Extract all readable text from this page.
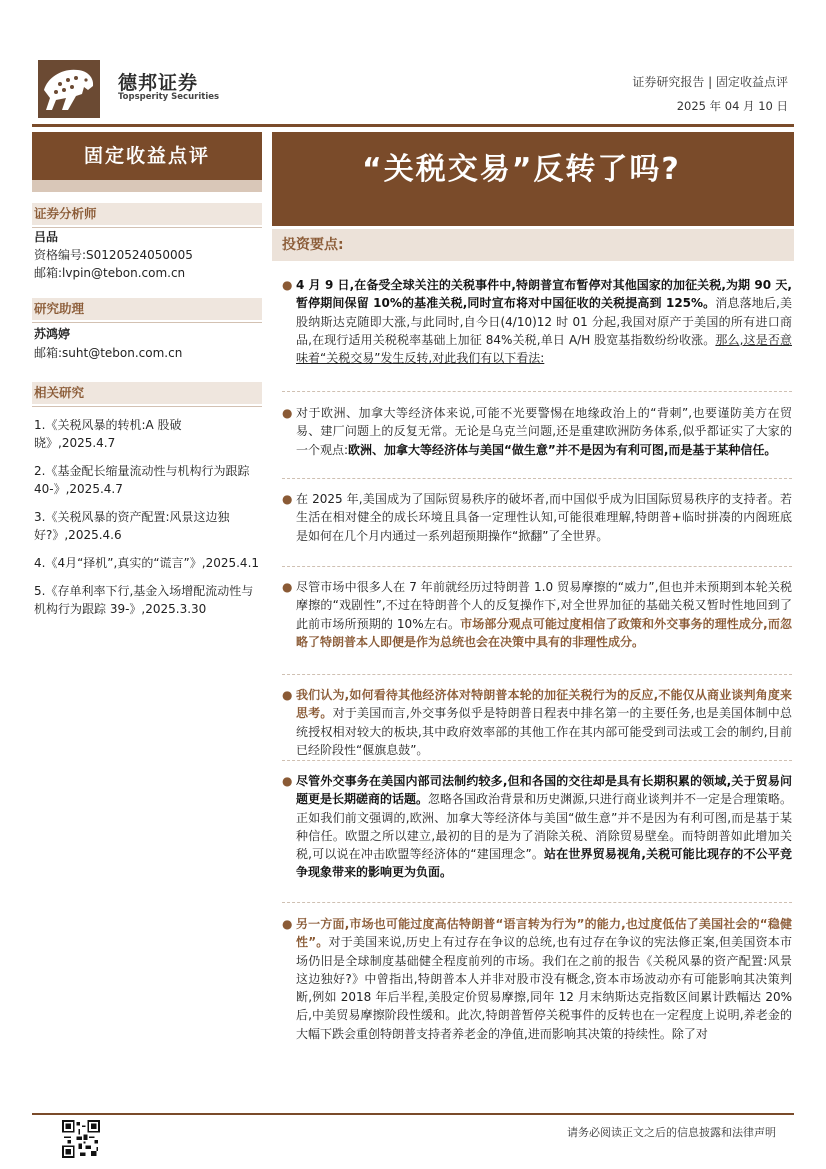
德邦证券
Topsperity Securities
证券研究报告 | 固定收益点评
2025 年 04 月 10 日
固定收益点评	“关税交易”反转了吗?
投资要点:
证券分析师
吕品
资格编号:S0120524050005
邮箱:lvpin@tebon.com.cn
研究助理
苏鸿婷
邮箱:suht@tebon.com.cn
相关研究
1.《关税风暴的转机:A 股破晓》,2025.4.7
2.《基金配长缩量流动性与机构行为跟踪 40-》,2025.4.7
3.《关税风暴的资产配置:风景这边独好?》,2025.4.6
4.《4月“择机”,真实的“谎言”》,2025.4.1
5.《存单利率下行,基金入场增配流动性与机构行为跟踪 39-》,2025.3.30
● 4 月 9 日,在备受全球关注的关税事件中,特朗普宣布暂停对其他国家的加征关税,为期 90 天,暂停期间保留 10%的基准关税,同时宣布将对中国征收的关税提高到 125%。消息落地后,美股纳斯达克随即大涨,与此同时,自今日(4/10)12 时 01 分起,我国对原产于美国的所有进口商品,在现行适用关税税率基础上加征 84%关税,单日 A/H 股宽基指数纷纷收涨。那么,这是否意味着“关税交易”发生反转,对此我们有以下看法:
● 对于欧洲、加拿大等经济体来说,可能不光要警惕在地缘政治上的“背刺”,也要谨防美方在贸易、建厂问题上的反复无常。无论是乌克兰问题,还是重建欧洲防务体系,似乎都证实了大家的一个观点:欧洲、加拿大等经济体与美国“做生意”并不是因为有利可图,而是基于某种信任。
● 在 2025 年,美国成为了国际贸易秩序的破坏者,而中国似乎成为旧国际贸易秩序的支持者。若生活在相对健全的成长环境且具备一定理性认知,可能很难理解,特朗普+临时拼凑的内阁班底是如何在几个月内通过一系列超预期操作“掀翻”了全世界。
● 尽管市场中很多人在 7 年前就经历过特朗普 1.0 贸易摩擦的“威力”,但也并未预期到本轮关税摩擦的“戏剧性”,不过在特朗普个人的反复操作下,对全世界加征的基础关税又暂时性地回到了此前市场所预期的 10%左右。市场部分观点可能过度相信了政策和外交事务的理性成分,而忽略了特朗普本人即便是作为总统也会在决策中具有的非理性成分。
● 我们认为,如何看待其他经济体对特朗普本轮的加征关税行为的反应,不能仅从商业谈判角度来思考。对于美国而言,外交事务似乎是特朗普日程表中排名第一的主要任务,也是美国体制中总统授权相对较大的板块,其中政府效率部的其他工作在其内部可能受到司法或工会的制约,目前已经阶段性“偃旗息鼓”。
● 尽管外交事务在美国内部司法制约较多,但和各国的交往却是具有长期积累的领域,关于贸易问题更是长期磋商的话题。忽略各国政治背景和历史渊源,只进行商业谈判并不一定是合理策略。正如我们前文强调的,欧洲、加拿大等经济体与美国“做生意”并不是因为有利可图,而是基于某种信任。欧盟之所以建立,最初的目的是为了消除关税、消除贸易壁垒。而特朗普如此增加关税,可以说在冲击欧盟等经济体的“建国理念”。站在世界贸易视角,关税可能比现存的不公平竞争现象带来的影响更为负面。
● 另一方面,市场也可能过度高估特朗普“语言转为行为”的能力,也过度低估了美国社会的“稳健性”。对于美国来说,历史上有过存在争议的总统,也有过存在争议的宪法修正案,但美国资本市场仍旧是全球制度基础健全程度前列的市场。我们在之前的报告《关税风暴的资产配置:风景这边独好?》中曾指出,特朗普本人并非对股市没有概念,资本市场波动亦有可能影响其决策判断,例如 2018 年后半程,美股定价贸易摩擦,同年 12 月末纳斯达克指数区间累计跌幅达 20%后,中美贸易摩擦阶段性缓和。此次,特朗普暂停关税事件的反转也在一定程度上说明,养老金的大幅下跌会重创特朗普支持者养老金的净值,进而影响其决策的持续性。除了对
请务必阅读正文之后的信息披露和法律声明
